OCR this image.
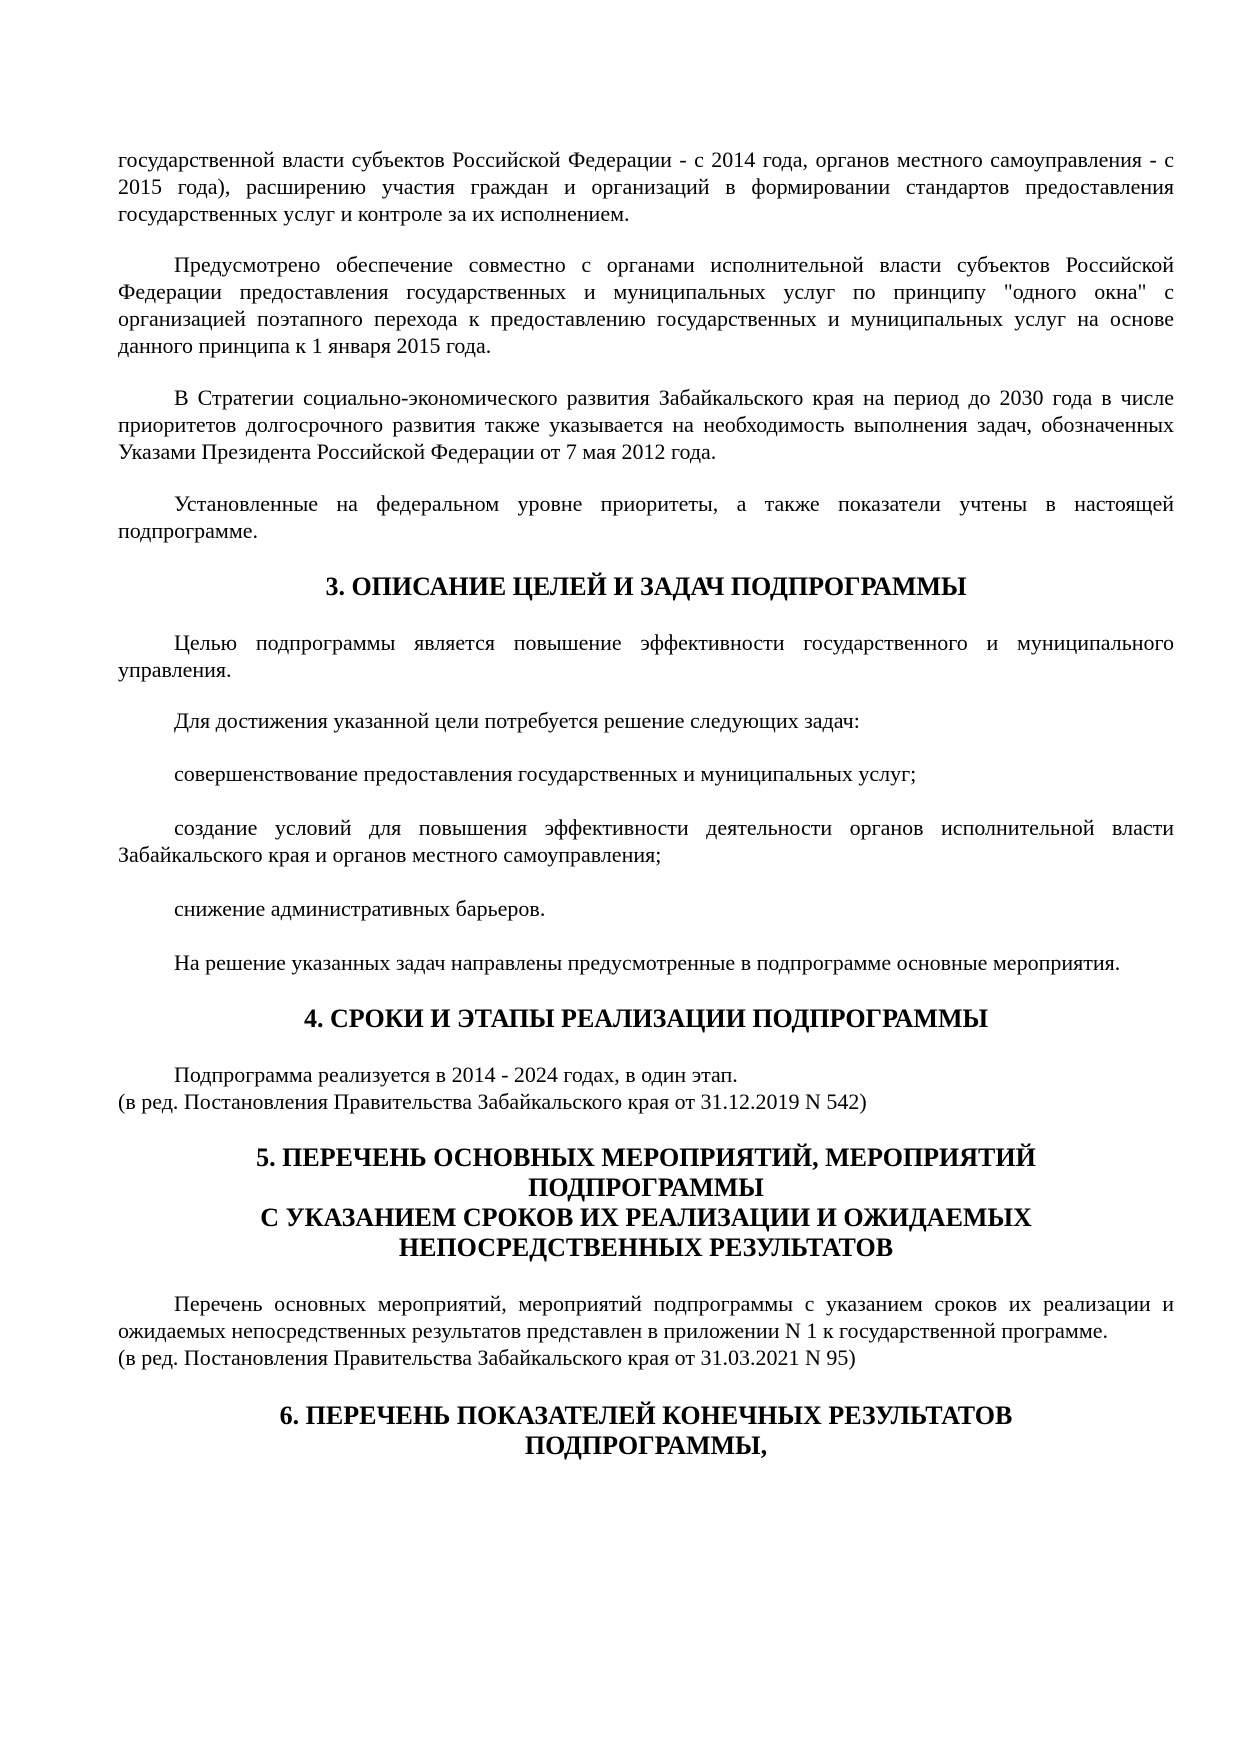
государственной власти субъектов Российской Федерации - с 2014 года, органов местного самоуправления - с 2015 года), расширению участия граждан и организаций в формировании стандартов предоставления государственных услуг и контроле за их исполнением.

Предусмотрено обеспечение совместно с органами исполнительной власти субъектов Российской Федерации предоставления государственных и муниципальных услуг по принципу "одного окна" с организацией поэтапного перехода к предоставлению государственных и муниципальных услуг на основе данного принципа к 1 января 2015 года.

В Стратегии социально-экономического развития Забайкальского края на период до 2030 года в числе приоритетов долгосрочного развития также указывается на необходимость выполнения задач, обозначенных Указами Президента Российской Федерации от 7 мая 2012 года.

Установленные на федеральном уровне приоритеты, а также показатели учтены в настоящей подпрограмме.

3. ОПИСАНИЕ ЦЕЛЕЙ И ЗАДАЧ ПОДПРОГРАММЫ

Целью подпрограммы является повышение эффективности государственного и муниципального управления.

Для достижения указанной цели потребуется решение следующих задач:

совершенствование предоставления государственных и муниципальных услуг;

создание условий для повышения эффективности деятельности органов исполнительной власти Забайкальского края и органов местного самоуправления;

снижение административных барьеров.

На решение указанных задач направлены предусмотренные в подпрограмме основные мероприятия.

4. СРОКИ И ЭТАПЫ РЕАЛИЗАЦИИ ПОДПРОГРАММЫ

Подпрограмма реализуется в 2014 - 2024 годах, в один этап.

(в ред. Постановления Правительства Забайкальского края от 31.12.2019 N 542)

5. ПЕРЕЧЕНЬ ОСНОВНЫХ МЕРОПРИЯТИЙ, МЕРОПРИЯТИЙ
ПОДПРОГРАММЫ
С УКАЗАНИЕМ СРОКОВ ИХ РЕАЛИЗАЦИИ И ОЖИДАЕМЫХ
НЕПОСРЕДСТВЕННЫХ РЕЗУЛЬТАТОВ

Перечень основных мероприятий, мероприятий подпрограммы с указанием сроков их реализации и ожидаемых непосредственных результатов представлен в приложении N 1 к государственной программе.

(в ред. Постановления Правительства Забайкальского края от 31.03.2021 N 95)

6. ПЕРЕЧЕНЬ ПОКАЗАТЕЛЕЙ КОНЕЧНЫХ РЕЗУЛЬТАТОВ
ПОДПРОГРАММЫ,
